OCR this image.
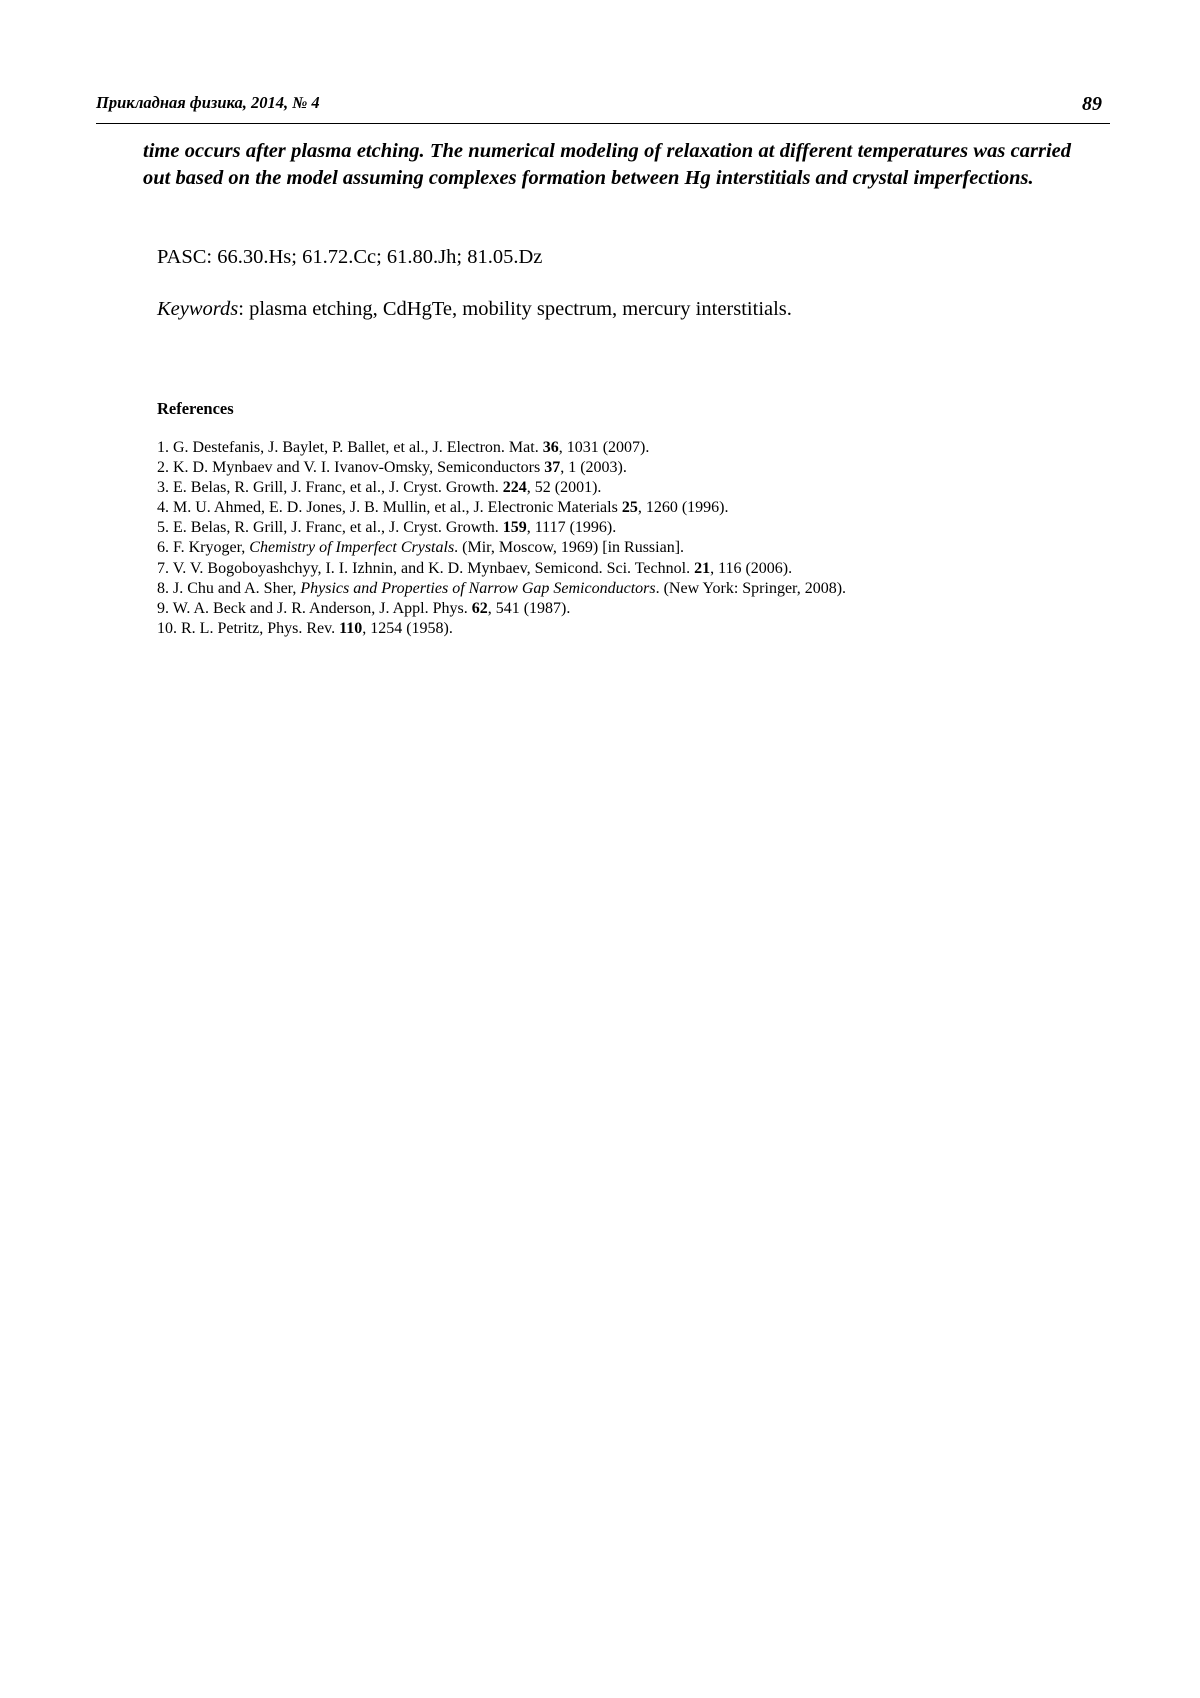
Прикладная физика, 2014, № 4	89

time occurs after plasma etching. The numerical modeling of relaxation at different temperatures was carried out based on the model assuming complexes formation between Hg interstitials and crystal imperfections.

PASC: 66.30.Hs; 61.72.Cc; 61.80.Jh; 81.05.Dz
Keywords: plasma etching, CdHgTe, mobility spectrum, mercury interstitials.
References
1. G. Destefanis, J. Baylet, P. Ballet, et al., J. Electron. Mat. 36, 1031 (2007).
2. K. D. Mynbaev and V. I. Ivanov-Omsky, Semiconductors 37, 1 (2003).
3. E. Belas, R. Grill, J. Franc, et al., J. Cryst. Growth. 224, 52 (2001).
4. M. U. Ahmed, E. D. Jones, J. B. Mullin, et al., J. Electronic Materials 25, 1260 (1996).
5. E. Belas, R. Grill, J. Franc, et al., J. Cryst. Growth. 159, 1117 (1996).
6. F. Kryoger, Chemistry of Imperfect Crystals. (Mir, Moscow, 1969) [in Russian].
7. V. V. Bogoboyashchyy, I. I. Izhnin, and K. D. Mynbaev, Semicond. Sci. Technol. 21, 116 (2006).
8. J. Chu and A. Sher, Physics and Properties of Narrow Gap Semiconductors. (New York: Springer, 2008).
9. W. A. Beck and J. R. Anderson, J. Appl. Phys. 62, 541 (1987).
10. R. L. Petritz, Phys. Rev. 110, 1254 (1958).
